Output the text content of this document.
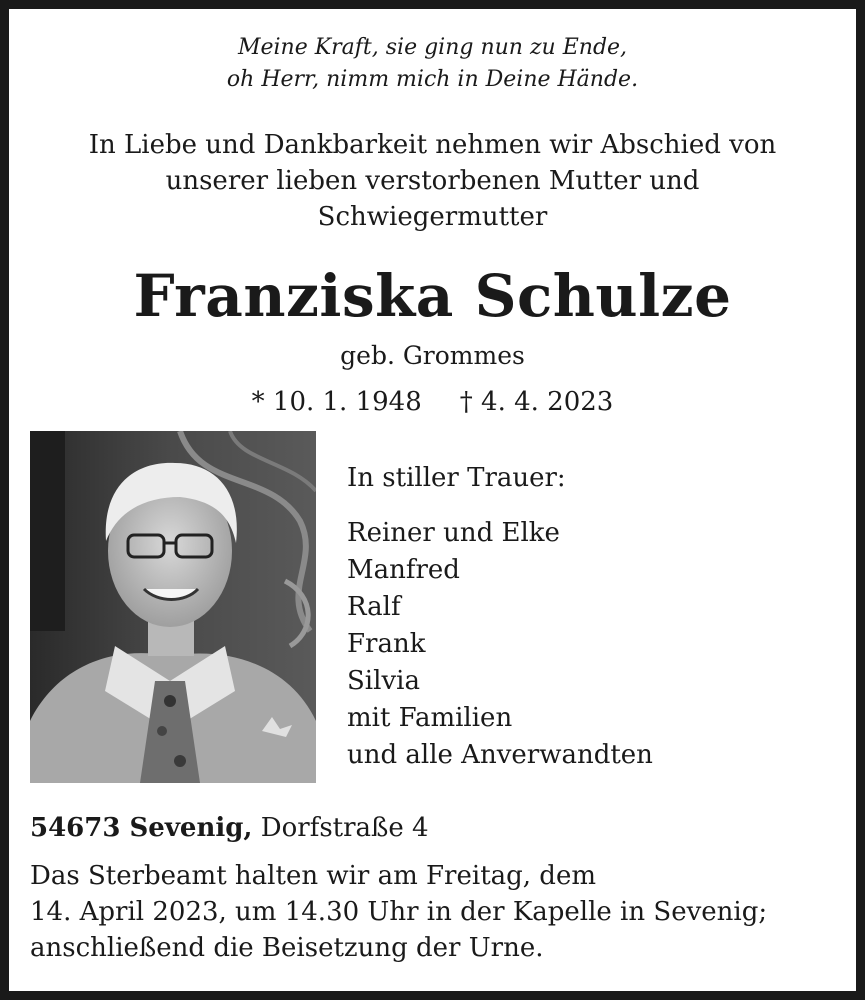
Meine Kraft, sie ging nun zu Ende,
oh Herr, nimm mich in Deine Hände.
In Liebe und Dankbarkeit nehmen wir Abschied von
unserer lieben verstorbenen Mutter und
Schwiegermutter
Franziska Schulze
geb. Grommes
* 10. 1. 1948 † 4. 4. 2023
In stiller Trauer:
Reiner und Elke
Manfred
Ralf
Frank
Silvia
mit Familien
und alle Anverwandten
54673 Sevenig, Dorfstraße 4
Das Sterbeamt halten wir am Freitag, dem
14. April 2023, um 14.30 Uhr in der Kapelle in Sevenig;
anschließend die Beisetzung der Urne.
